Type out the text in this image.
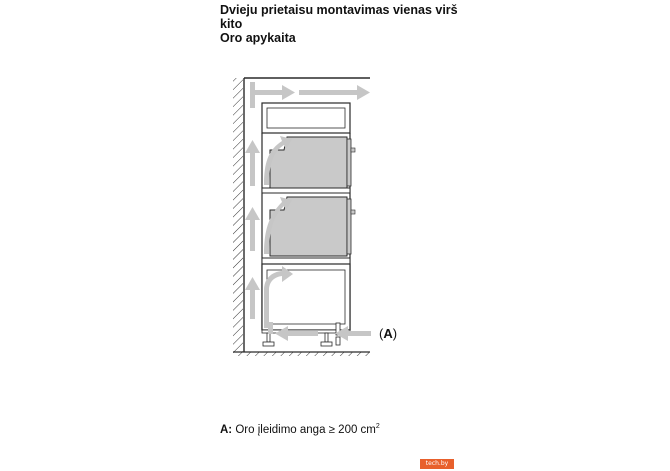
Dvieju prietaisu montavimas vienas virš
kito
Oro apykaita
(A)
A: Oro įleidimo anga ≥ 200 $cm^2$
tech.by
